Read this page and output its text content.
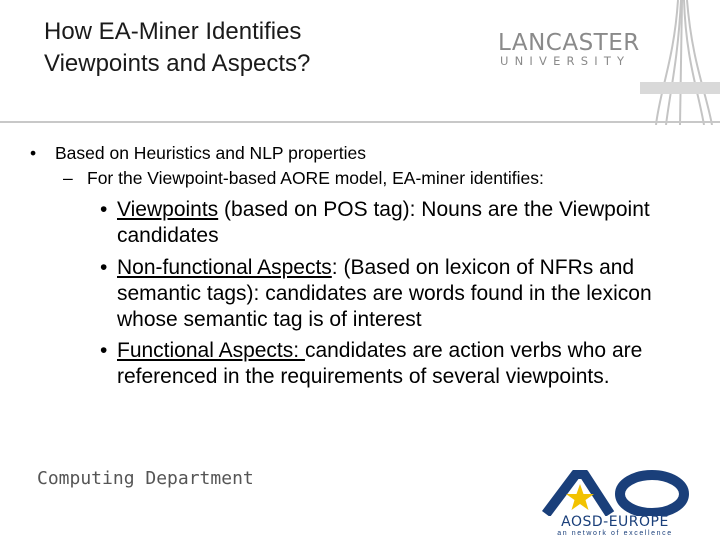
How EA-Miner Identifies
Viewpoints and Aspects?
LANCASTER
UNIVERSITY
• Based on Heuristics and NLP properties
– For the Viewpoint-based AORE model, EA-miner identifies:
• Viewpoints (based on POS tag): Nouns are the Viewpoint candidates
• Non-functional Aspects: (Based on lexicon of NFRs and semantic tags): candidates are words found in the lexicon whose semantic tag is of interest
• Functional Aspects: candidates are action verbs who are referenced in the requirements of several viewpoints.
Computing Department
AOSD-EUROPE
an network of excellence
